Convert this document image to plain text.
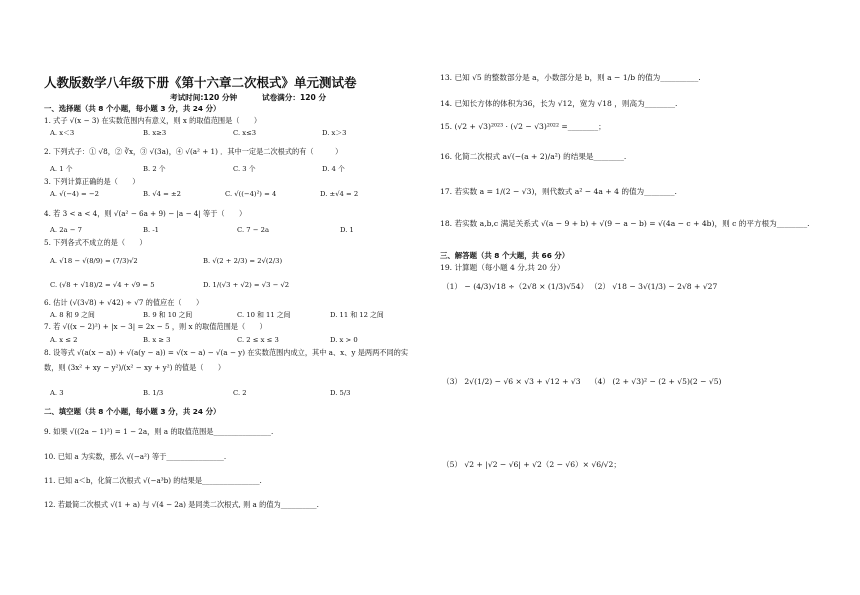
人教版数学八年级下册《第十六章二次根式》单元测试卷
考试时间:120 分钟	试卷满分：120 分
一、选择题（共 8 个小题，每小题 3 分，共 24 分）
1. 式子 √(x − 3) 在实数范围内有意义，则 x 的取值范围是（　　）
A. x＜3	B. x≥3	C. x≤3	D. x＞3
2. 下列式子：① √8，② ∛x，③ √(3a)，④ √(a² + 1) ．其中一定是二次根式的有（　　　）
A. 1 个	B. 2 个	C. 3 个	D. 4 个
3. 下列计算正确的是（　　）
A. √(−4) = −2	B. √4 = ±2	C. √((−4)²) = 4	D. ±√4 = 2
4. 若 3 < a < 4，则 √(a² − 6a + 9) − |a − 4| 等于（　　）
A. 2a − 7	B. -1	C. 7 − 2a	D. 1
5. 下列各式不成立的是（　　）
A. √18 − √(8/9) = (7/3)√2	B. √(2 + 2/3) = 2√(2/3)
C. (√8 + √18)/2 = √4 + √9 = 5	D. 1/(√3 + √2) = √3 − √2
6. 估计 (√(3√8) + √42) ÷ √7 的值应在（　　）
A. 8 和 9 之间	B. 9 和 10 之间	C. 10 和 11 之间	D. 11 和 12 之间
7. 若 √((x − 2)²) + |x − 3| = 2x − 5 ，则 x 的取值范围是（　　）
A. x ≤ 2	B. x ≥ 3	C. 2 ≤ x ≤ 3	D. x > 0
8. 设等式 √(a(x − a)) + √(a(y − a)) = √(x − a) − √(a − y) 在实数范围内成立，其中 a、x、y 是两两不同的实
数，则 (3x² + xy − y²)/(x² − xy + y²) 的值是（　　）
A. 3	B. 1/3	C. 2	D. 5/3
二、填空题（共 8 个小题，每小题 3 分，共 24 分）
9. 如果 √((2a − 1)²) = 1 − 2a，则 a 的取值范围是________________.
10. 已知 a 为实数，那么 √(−a²) 等于________________.
11. 已知 a＜b，化简二次根式 √(−a³b) 的结果是________________.
12. 若最简二次根式 √(1 + a) 与 √(4 − 2a) 是同类二次根式, 则 a 的值为__________.
13. 已知 √5 的整数部分是 a，小数部分是 b，则 a − 1/b 的值为__________.
14. 已知长方体的体积为36，长为 √12，宽为 √18 ，则高为________.
15. (√2 + √3)²⁰²³ · (√2 − √3)²⁰²² =________；
16. 化简二次根式 a√(−(a + 2)/a²) 的结果是________.
17. 若实数 a = 1/(2 − √3)，则代数式 a² − 4a + 4 的值为________.
18. 若实数 a,b,c 满足关系式 √(a − 9 + b) + √(9 − a − b) = √(4a − c + 4b)，则 c 的平方根为________.
三、解答题（共 8 个大题，共 66 分）
19. 计算题（每小题 4 分,共 20 分）
（1） − (4/3)√18 ÷（2√8 × (1/3)√54） （2） √18 − 3√(1/3) − 2√8 + √27
（3） 2√(1/2) − √6 × √3 + √12 + √3 （4） (2 + √3)² − (2 + √5)(2 − √5)
（5） √2 + |√2 − √6| + √2（2 − √6）× √6/√2；
